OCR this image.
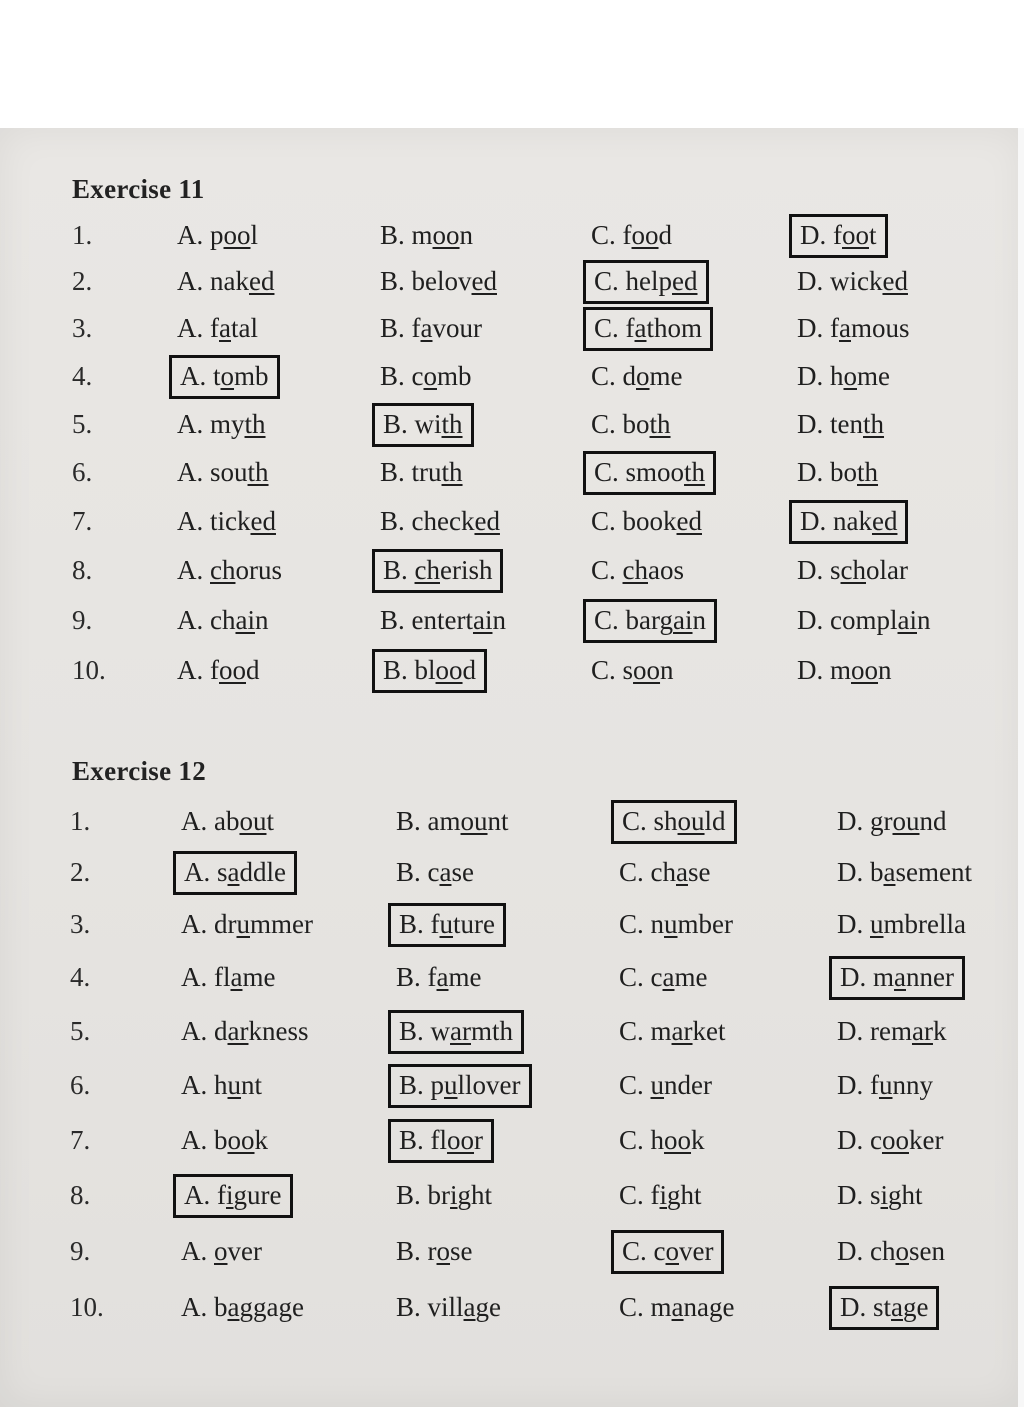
Exercise 11
1.	A. pool	B. moon	C. food	D. foot
2.	A. naked	B. beloved	C. helped	D. wicked
3.	A. fatal	B. favour	C. fathom	D. famous
4.	A. tomb	B. comb	C. dome	D. home
5.	A. myth	B. with	C. both	D. tenth
6.	A. south	B. truth	C. smooth	D. both
7.	A. ticked	B. checked	C. booked	D. naked
8.	A. chorus	B. cherish	C. chaos	D. scholar
9.	A. chain	B. entertain	C. bargain	D. complain
10.	A. food	B. blood	C. soon	D. moon
Exercise 12
1.	A. about	B. amount	C. should	D. ground
2.	A. saddle	B. case	C. chase	D. basement
3.	A. drummer	B. future	C. number	D. umbrella
4.	A. flame	B. fame	C. came	D. manner
5.	A. darkness	B. warmth	C. market	D. remark
6.	A. hunt	B. pullover	C. under	D. funny
7.	A. book	B. floor	C. hook	D. cooker
8.	A. figure	B. bright	C. fight	D. sight
9.	A. over	B. rose	C. cover	D. chosen
10.	A. baggage	B. village	C. manage	D. stage
